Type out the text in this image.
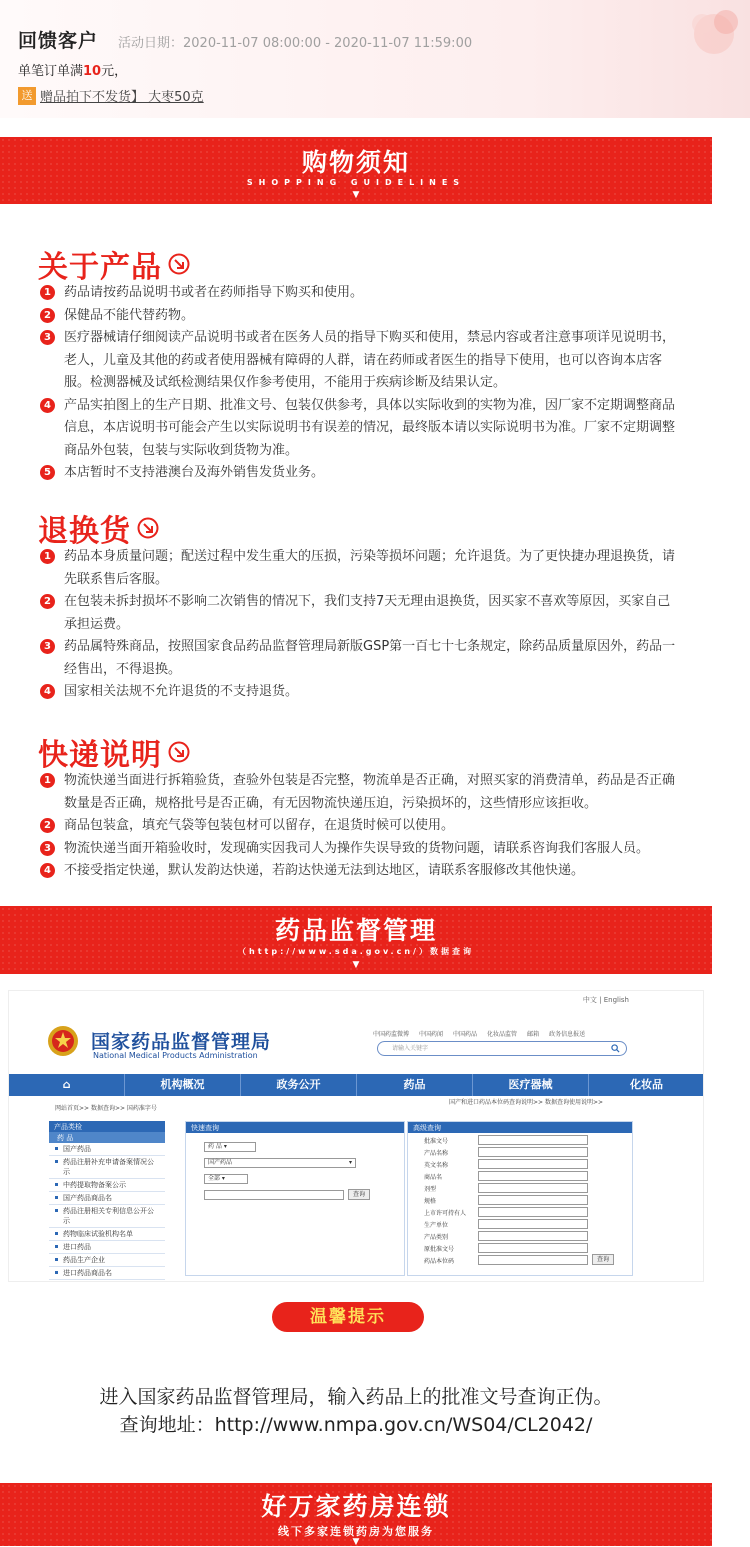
回馈客户 活动日期：2020-11-07 08:00:00 - 2020-11-07 11:59:00
单笔订单满10元，
送 赠品拍下不发货】 大枣50克
购物须知
SHOPPING GUIDELINES
▼
关于产品
1	药品请按药品说明书或者在药师指导下购买和使用。
2	保健品不能代替药物。
3	医疗器械请仔细阅读产品说明书或者在医务人员的指导下购买和使用，禁忌内容或者注意事项详见说明书，老人，儿童及其他的药或者使用器械有障碍的人群，请在药师或者医生的指导下使用，也可以咨询本店客服。检测器械及试纸检测结果仅作参考使用，不能用于疾病诊断及结果认定。
4	产品实拍图上的生产日期、批准文号、包装仅供参考，具体以实际收到的实物为准，因厂家不定期调整商品信息，本店说明书可能会产生以实际说明书有误差的情况，最终版本请以实际说明书为准。厂家不定期调整商品外包装，包装与实际收到货物为准。
5	本店暂时不支持港澳台及海外销售发货业务。
退换货
1	药品本身质量问题；配送过程中发生重大的压损，污染等损坏问题；允许退货。为了更快捷办理退换货，请先联系售后客服。
2	在包装未拆封损坏不影响二次销售的情况下，我们支持7天无理由退换货，因买家不喜欢等原因，买家自己承担运费。
3	药品属特殊商品，按照国家食品药品监督管理局新版GSP第一百七十七条规定，除药品质量原因外，药品一经售出，不得退换。
4	国家相关法规不允许退货的不支持退货。
快递说明
1	物流快递当面进行拆箱验货，查验外包装是否完整，物流单是否正确，对照买家的消费清单，药品是否正确数量是否正确，规格批号是否正确，有无因物流快递压迫，污染损坏的，这些情形应该拒收。
2	商品包装盒，填充气袋等包装包材可以留存，在退货时候可以使用。
3	物流快递当面开箱验收时，发现确实因我司人为操作失误导致的货物问题，请联系咨询我们客服人员。
4	不接受指定快递，默认发韵达快递，若韵达快递无法到达地区，请联系客服修改其他快递。
药品监督管理
（http://www.sda.gov.cn/）数据查询
▼
中文 | English
国家药品监督管理局
National Medical Products Administration
中国药监微博 中国药闻 中国药品 化妆品监管 邮箱 政务信息报送
请输入关键字
⌂	机构概况	政务公开	药品	医疗器械	化妆品
网站首页>> 数据查询>> 国药准字号
国产和进口药品本位码查询说明>> 数据查询使用说明>>
产品类检
药 品
国产药品
药品注册补充申请备案情况公示
中药提取物备案公示
国产药品商品名
药品注册相关专利信息公开公示
药物临床试验机构名单
进口药品
药品生产企业
进口药品商品名
快速查询
药 品 ▾
国产药品	▾
全部 ▾
查询
高级查询
批准文号
产品名称
英文名称
商品名
剂型
规格
上市许可持有人
生产单位
产品类别
原批准文号
药品本位码	查询
温馨提示
进入国家药品监督管理局，输入药品上的批准文号查询正伪。
查询地址：http://www.nmpa.gov.cn/WS04/CL2042/
好万家药房连锁
线下多家连锁药房为您服务
▼
